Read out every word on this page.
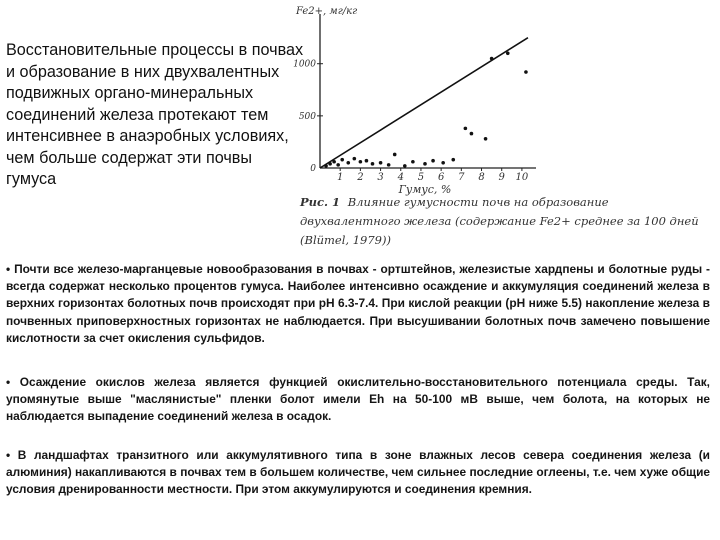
Восстановительные процессы в почвах и образование в них двухвалентных подвижных органо-минеральных соединений железа протекают тем интенсивнее в анаэробных условиях, чем больше содержат эти почвы гумуса
Fe2+, мг/кг
500
1000
0
1 2 3 4 5 6 7 8 9 10
Гумус, %
Рис. 1 Влияние гумусности почв на образование двухвалентного железа (содержание Fe2+ среднее за 100 дней (Blümel, 1979))
• Почти все железо-марганцевые новообразования в почвах - ортштейнов, железистые хардпены и болотные руды - всегда содержат несколько процентов гумуса. Наиболее интенсивно осаждение и аккумуляция соединений железа в верхних горизонтах болотных почв происходят при pH 6.3-7.4. При кислой реакции (pH ниже 5.5) накопление железа в почвенных приповерхностных горизонтах не наблюдается. При высушивании болотных почв замечено повышение кислотности за счет окисления сульфидов.
• Осаждение окислов железа является функцией окислительно-восстановительного потенциала среды. Так, упомянутые выше "маслянистые" пленки болот имели Eh на 50-100 мВ выше, чем болота, на которых не наблюдается выпадение соединений железа в осадок.
• В ландшафтах транзитного или аккумулятивного типа в зоне влажных лесов севера соединения железа (и алюминия) накапливаются в почвах тем в большем количестве, чем сильнее последние оглеены, т.е. чем хуже общие условия дренированности местности. При этом аккумулируются и соединения кремния.
